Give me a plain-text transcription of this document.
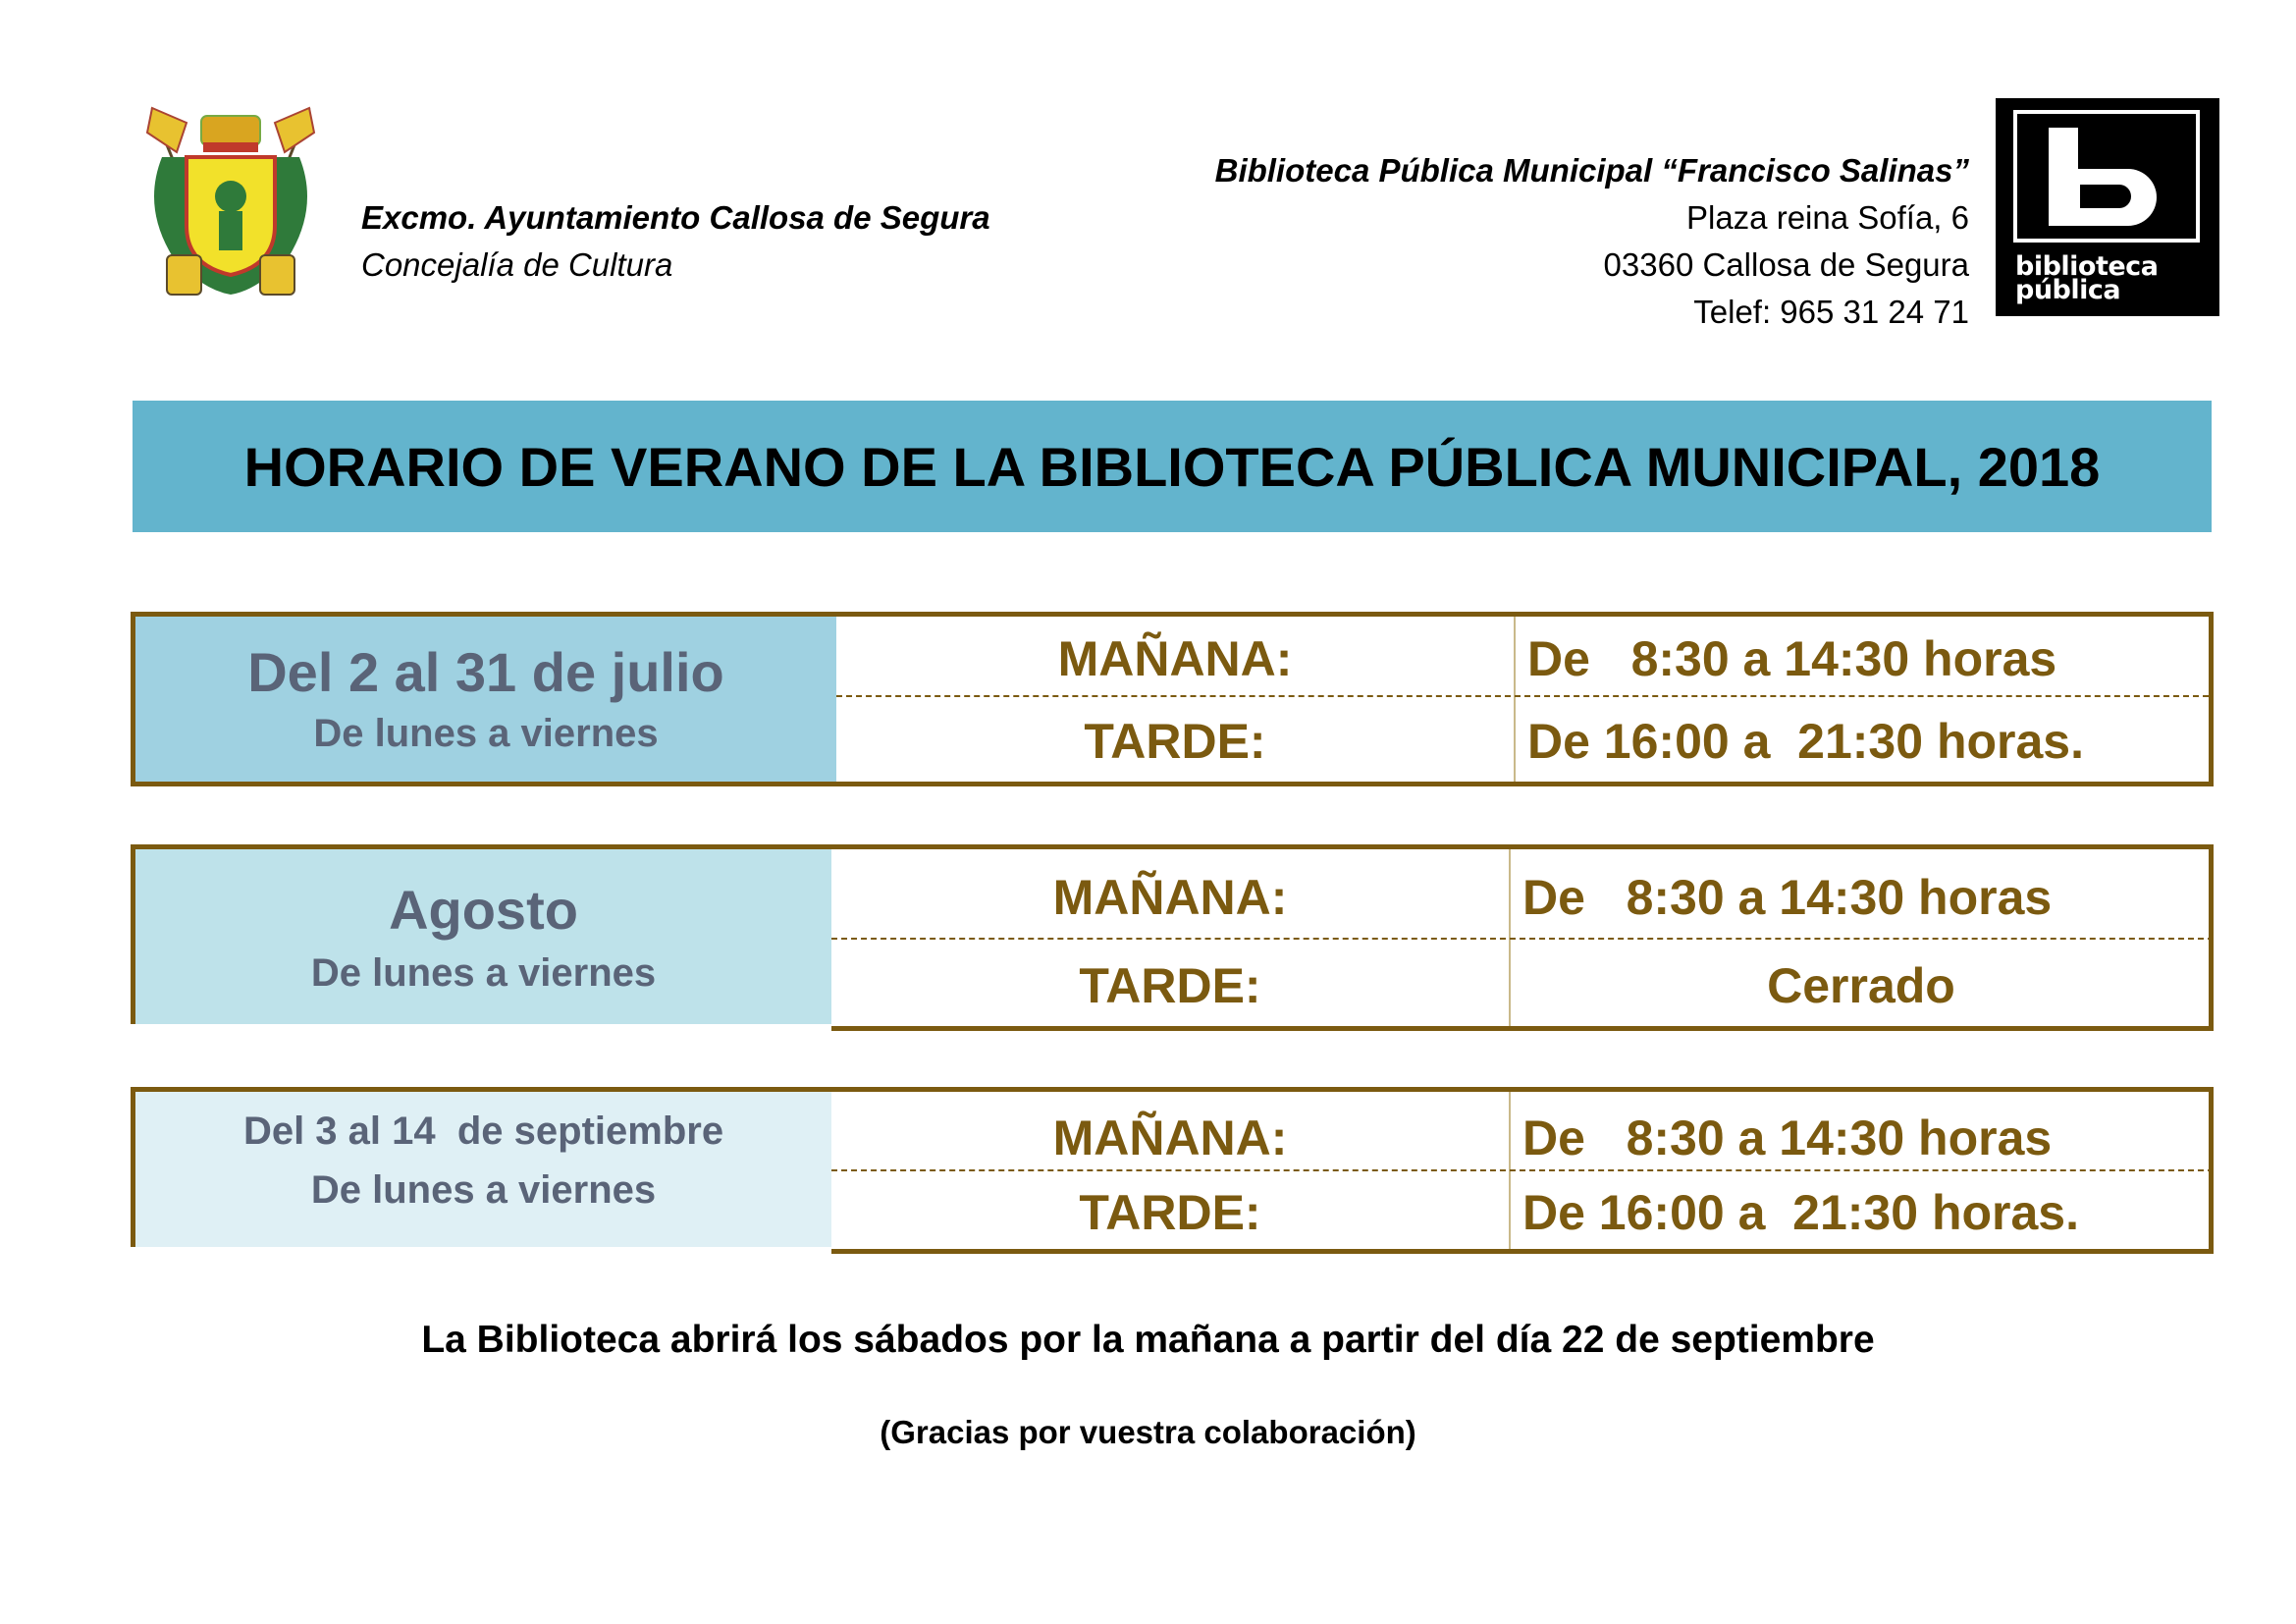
Excmo. Ayuntamiento Callosa de Segura
Concejalía de Cultura
Biblioteca Pública Municipal “Francisco Salinas”
Plaza reina Sofía, 6
03360 Callosa de Segura
Telef: 965 31 24 71
biblioteca
pública
HORARIO DE VERANO DE LA BIBLIOTECA PÚBLICA MUNICIPAL, 2018
Del 2 al 31 de julio
De lunes a viernes
MAÑANA:	De   8:30 a 14:30 horas
TARDE:	De 16:00 a  21:30 horas.
Agosto
De lunes a viernes
MAÑANA:	De   8:30 a 14:30 horas
TARDE:	Cerrado
Del 3 al 14  de septiembre
De lunes a viernes
MAÑANA:	De   8:30 a 14:30 horas
TARDE:	De 16:00 a  21:30 horas.
La Biblioteca abrirá los sábados por la mañana a partir del día 22 de septiembre
(Gracias por vuestra colaboración)
